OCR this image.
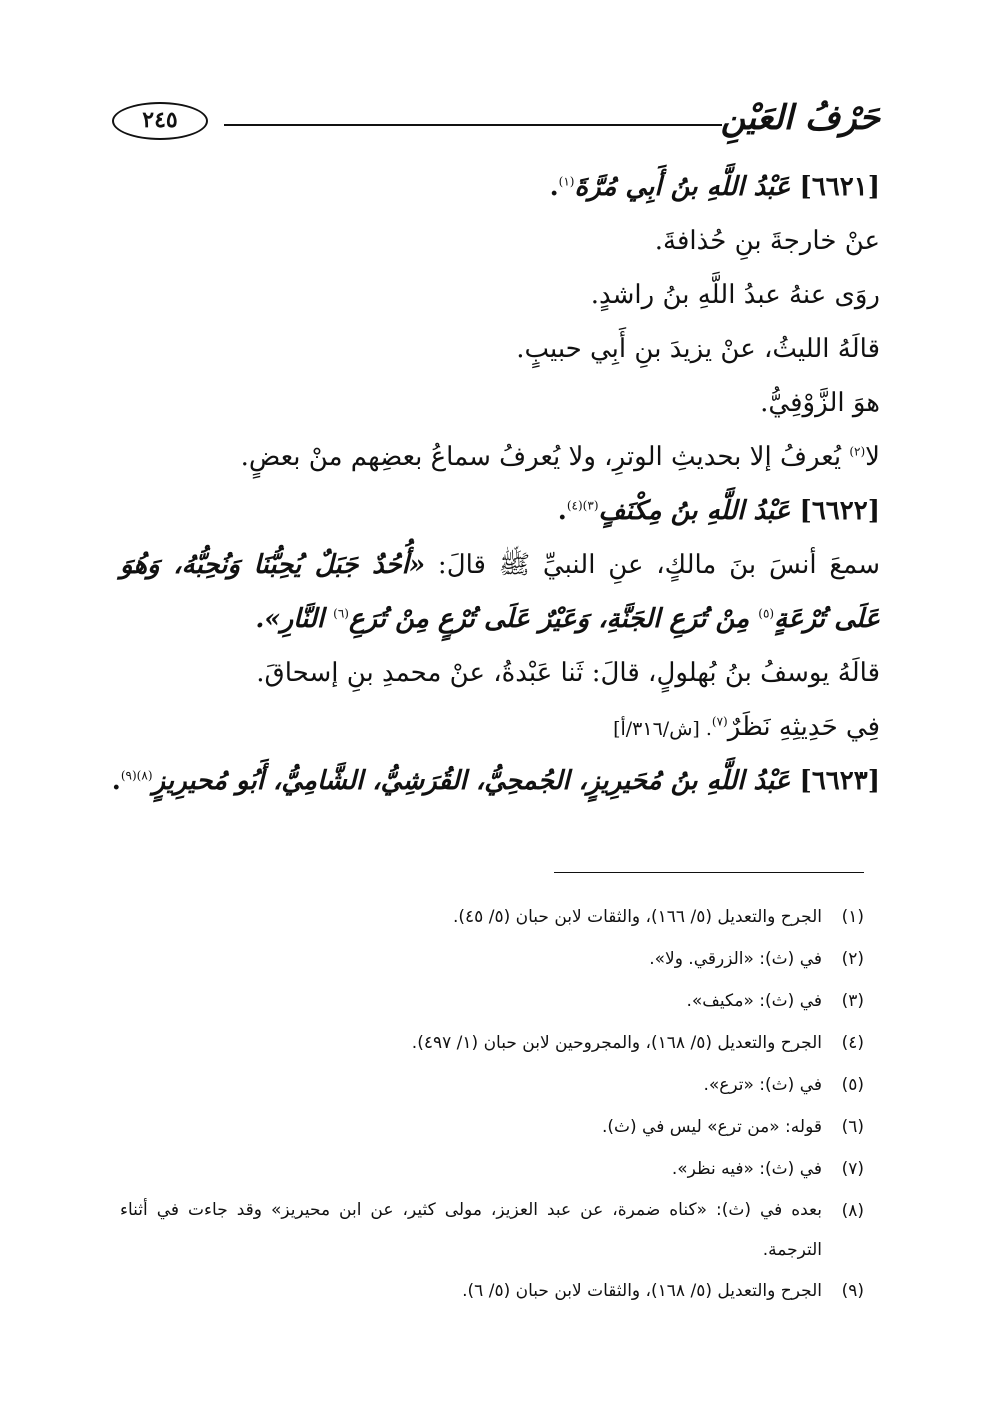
حَرْفُ العَيْنِ
٢٤٥
[٦٦٢١] عَبْدُ اللَّهِ بنُ أَبِي مُرَّةَ$^{(١)}$.
عنْ خارجةَ بنِ حُذافةَ.
روَى عنهُ عبدُ اللَّهِ بنُ راشدٍ.
قالَهُ الليثُ، عنْ يزيدَ بنِ أَبِي حبيبٍ.
هوَ الزَّوْفِيُّ.
لا$^{(٢)}$ يُعرفُ إلا بحديثِ الوترِ، ولا يُعرفُ سماعُ بعضِهم منْ بعضٍ.
[٦٦٢٢] عَبْدُ اللَّهِ بنُ مِكْنَفٍ$^{(٣)(٤)}$.
سمعَ أنسَ بنَ مالكٍ، عنِ النبيِّ ﷺ قالَ: «أُحُدٌ جَبَلٌ يُحِبُّنَا وَنُحِبُّهُ، وَهُوَ عَلَى تُرْعَةٍ$^{(٥)}$ مِنْ تُرَعِ الجَنَّةِ، وَعَيْرٌ عَلَى تُرْعٍ مِنْ تُرَعِ$^{(٦)}$ النَّارِ».
قالَهُ يوسفُ بنُ بُهلولٍ، قالَ: ثَنا عَبْدةُ، عنْ محمدِ بنِ إسحاقَ.
فِي حَدِيثِهِ نَظَرٌ$^{(٧)}$. [ش/٣١٦/أ]
[٦٦٢٣] عَبْدُ اللَّهِ بنُ مُحَيرِيزٍ، الجُمحِيُّ، القُرَشِيُّ، الشَّامِيُّ، أَبُو مُحيرِيزٍ$^{(٨)(٩)}$.
(١)
الجرح والتعديل (٥/ ١٦٦)، والثقات لابن حبان (٥/ ٤٥).
(٢)
في (ث): «الزرقي. ولا».
(٣)
في (ث): «مكيف».
(٤)
الجرح والتعديل (٥/ ١٦٨)، والمجروحين لابن حبان (١/ ٤٩٧).
(٥)
في (ث): «ترع».
(٦)
قوله: «من ترع» ليس في (ث).
(٧)
في (ث): «فيه نظر».
(٨)
بعده في (ث): «كناه ضمرة، عن عبد العزيز، مولى كثير، عن ابن محيريز» وقد جاءت في أثناء الترجمة.
(٩)
الجرح والتعديل (٥/ ١٦٨)، والثقات لابن حبان (٥/ ٦).
